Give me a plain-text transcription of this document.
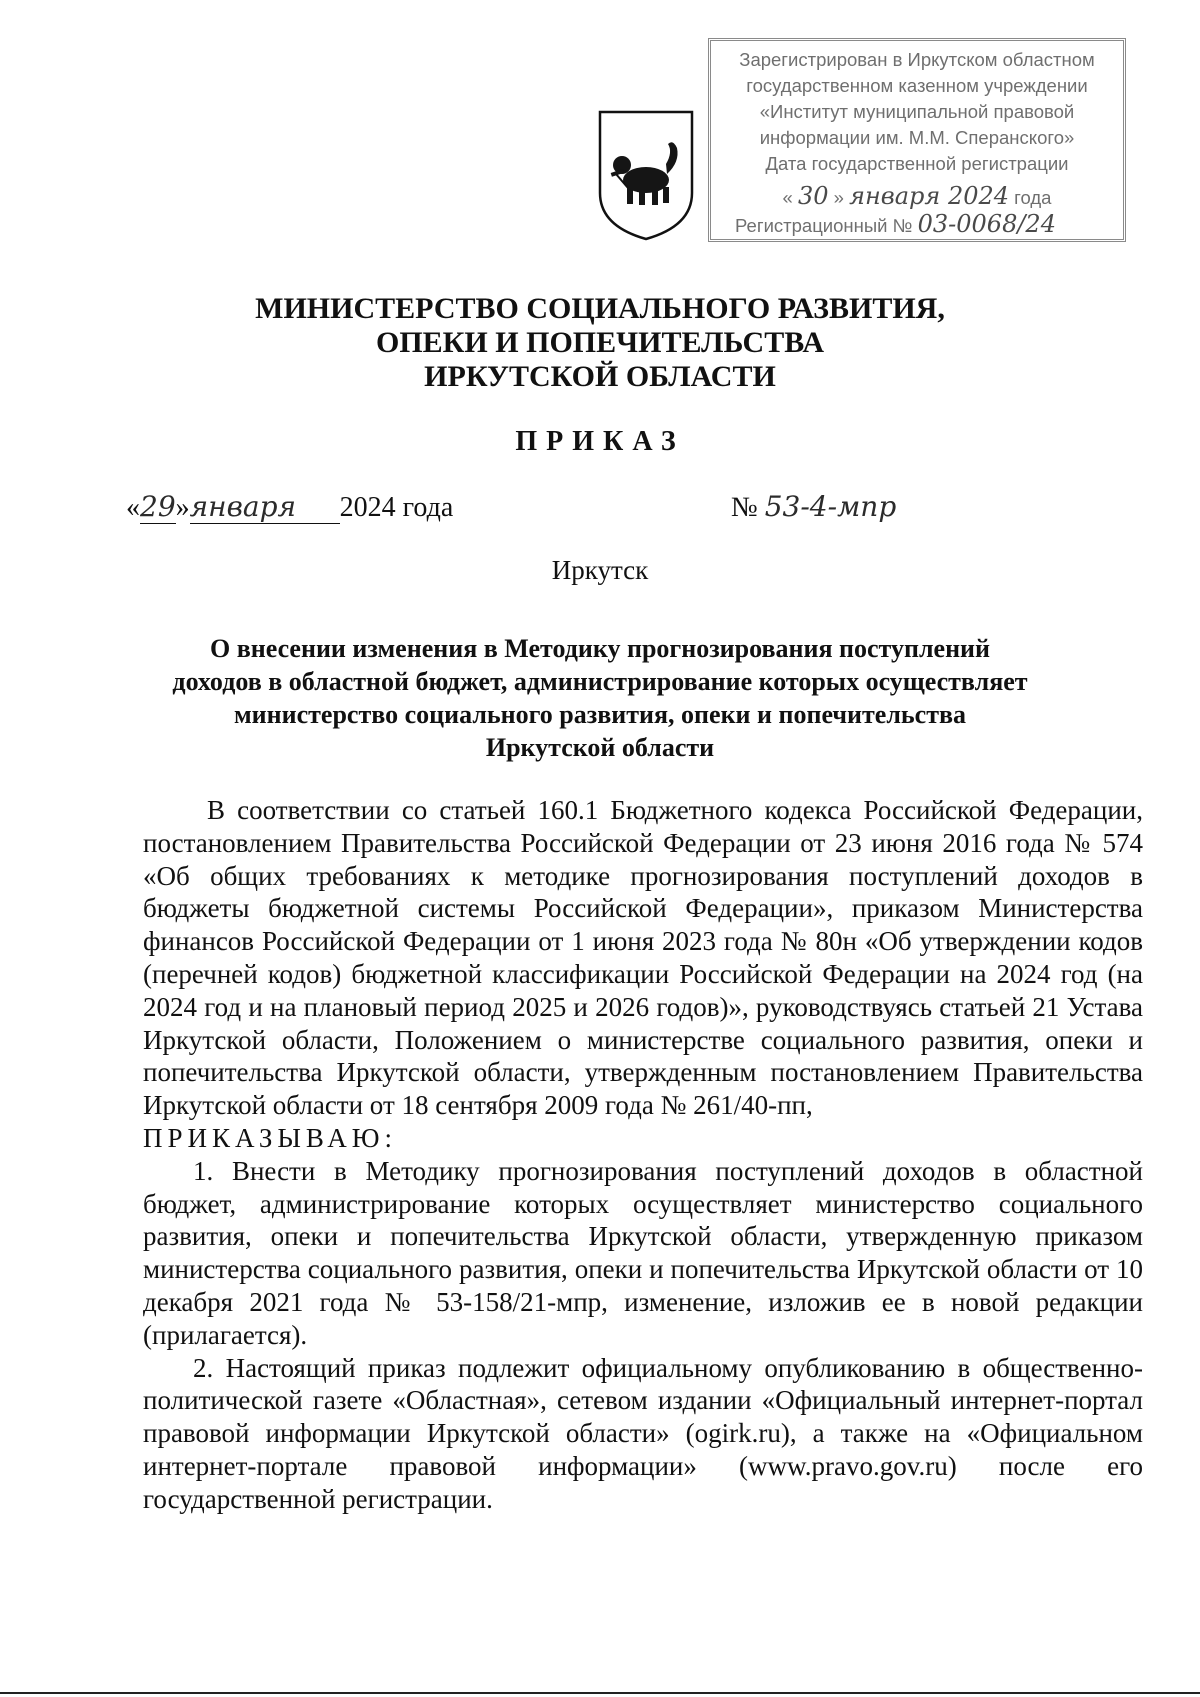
Зарегистрирован в Иркутском областном
государственном казенном учреждении
«Институт муниципальной правовой
информации им. М.М. Сперанского»
Дата государственной регистрации
« 30 » января 2024 года
Регистрационный № 03-0068/24
МИНИСТЕРСТВО СОЦИАЛЬНОГО РАЗВИТИЯ,
ОПЕКИ И ПОПЕЧИТЕЛЬСТВА
ИРКУТСКОЙ ОБЛАСТИ
ПРИКАЗ
«29»января 2024 года	№ 53-4-мпр
Иркутск
О внесении изменения в Методику прогнозирования поступлений
доходов в областной бюджет, администрирование которых осуществляет
министерство социального развития, опеки и попечительства
Иркутской области

В соответствии со статьей 160.1 Бюджетного кодекса Российской Федерации, постановлением Правительства Российской Федерации от 23 июня 2016 года № 574 «Об общих требованиях к методике прогнозирования поступлений доходов в бюджеты бюджетной системы Российской Федерации», приказом Министерства финансов Российской Федерации от 1 июня 2023 года № 80н «Об утверждении кодов (перечней кодов) бюджетной классификации Российской Федерации на 2024 год (на 2024 год и на плановый период 2025 и 2026 годов)», руководствуясь статьей 21 Устава Иркутской области, Положением о министерстве социального развития, опеки и попечительства Иркутской области, утвержденным постановлением Правительства Иркутской области от 18 сентября 2009 года № 261/40-пп,

ПРИКАЗЫВАЮ:

1. Внести в Методику прогнозирования поступлений доходов в областной бюджет, администрирование которых осуществляет министерство социального развития, опеки и попечительства Иркутской области, утвержденную приказом министерства социального развития, опеки и попечительства Иркутской области от 10 декабря 2021 года № 53-158/21-мпр, изменение, изложив ее в новой редакции (прилагается).

2. Настоящий приказ подлежит официальному опубликованию в общественно-политической газете «Областная», сетевом издании «Официальный интернет-портал правовой информации Иркутской области» (ogirk.ru), а также на «Официальном интернет-портале правовой информации» (www.pravo.gov.ru) после его государственной регистрации.
